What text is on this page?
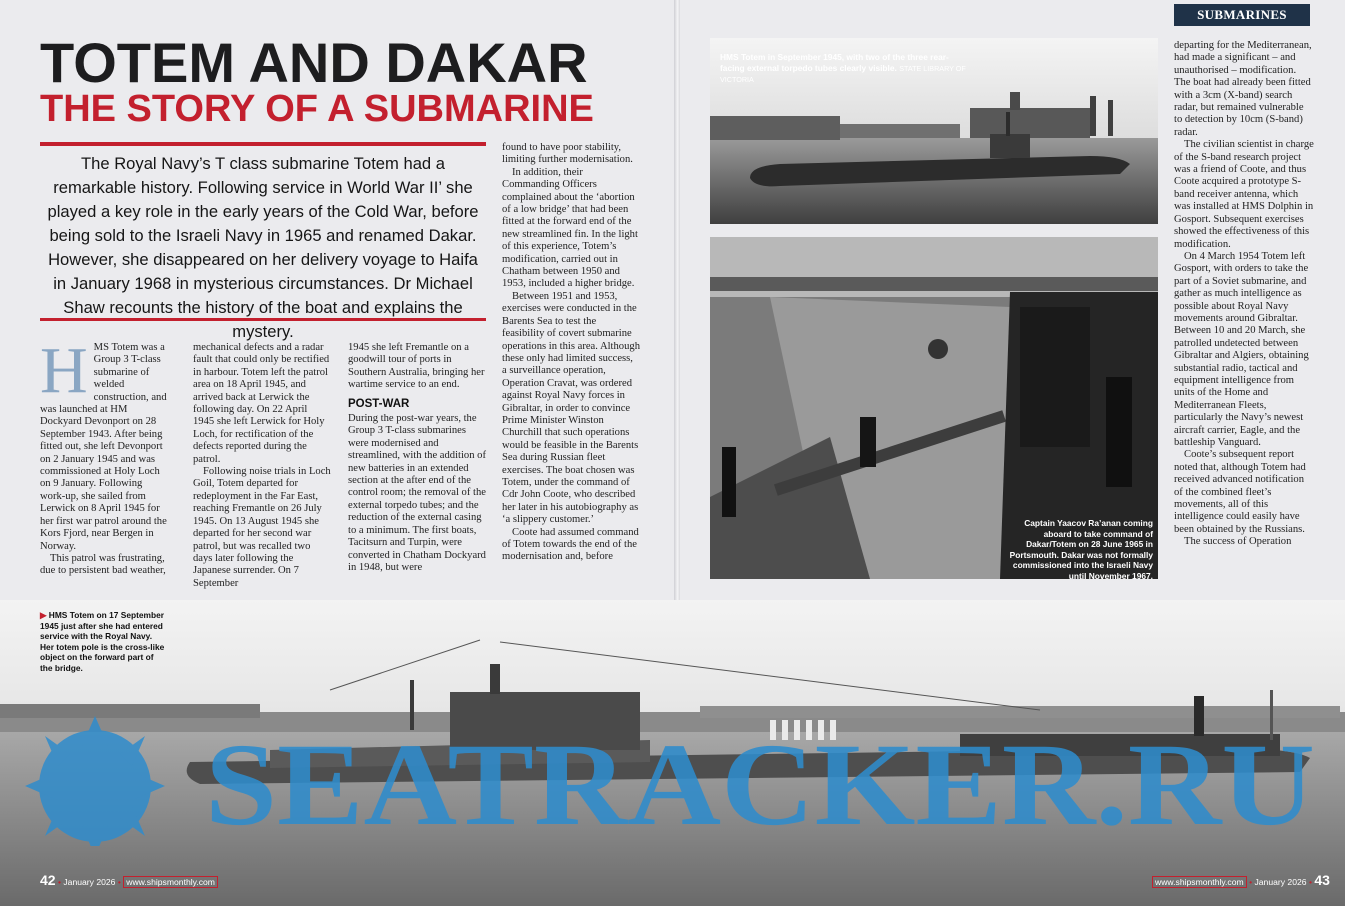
SUBMARINES
TOTEM AND DAKAR
THE STORY OF A SUBMARINE
The Royal Navy’s T class submarine Totem had a remarkable history. Following service in World War II’ she played a key role in the early years of the Cold War, before being sold to the Israeli Navy in 1965 and renamed Dakar. However, she disappeared on her delivery voyage to Haifa in January 1968 in mysterious circumstances. Dr Michael Shaw recounts the history of the boat and explains the mystery.
H MS Totem was a Group 3 T-class submarine of welded construction, and was launched at HM Dockyard Devonport on 28 September 1943. After being fitted out, she left Devonport on 2 January 1945 and was commissioned at Holy Loch on 9 January. Following work-up, she sailed from Lerwick on 8 April 1945 for her first war patrol around the Kors Fjord, near Bergen in Norway.

This patrol was frustrating, due to persistent bad weather,

mechanical defects and a radar fault that could only be rectified in harbour. Totem left the patrol area on 18 April 1945, and arrived back at Lerwick the following day. On 22 April 1945 she left Lerwick for Holy Loch, for rectification of the defects reported during the patrol.

Following noise trials in Loch Goil, Totem departed for redeployment in the Far East, reaching Fremantle on 26 July 1945. On 13 August 1945 she departed for her second war patrol, but was recalled two days later following the Japanese surrender. On 7 September

1945 she left Fremantle on a goodwill tour of ports in Southern Australia, bringing her wartime service to an end.

POST-WAR

During the post-war years, the Group 3 T-class submarines were modernised and streamlined, with the addition of new batteries in an extended section at the after end of the control room; the removal of the external torpedo tubes; and the reduction of the external casing to a minimum. The first boats, Tacitsurn and Turpin, were converted in Chatham Dockyard in 1948, but were

found to have poor stability, limiting further modernisation.

In addition, their Commanding Officers complained about the ‘abortion of a low bridge’ that had been fitted at the forward end of the new streamlined fin. In the light of this experience, Totem’s modification, carried out in Chatham between 1950 and 1953, included a higher bridge.

Between 1951 and 1953, exercises were conducted in the Barents Sea to test the feasibility of covert submarine operations in this area. Although these only had limited success, a surveillance operation, Operation Cravat, was ordered against Royal Navy forces in Gibraltar, in order to convince Prime Minister Winston Churchill that such operations would be feasible in the Barents Sea during Russian fleet exercises. The boat chosen was Totem, under the command of Cdr John Coote, who described her later in his autobiography as ‘a slippery customer.’

Coote had assumed command of Totem towards the end of the modernisation and, before

departing for the Mediterranean, had made a significant – and unauthorised – modification. The boat had already been fitted with a 3cm (X-band) search radar, but remained vulnerable to detection by 10cm (S-band) radar.

The civilian scientist in charge of the S-band research project was a friend of Coote, and thus Coote acquired a prototype S-band receiver antenna, which was installed at HMS Dolphin in Gosport. Subsequent exercises showed the effectiveness of this modification.

On 4 March 1954 Totem left Gosport, with orders to take the part of a Soviet submarine, and gather as much intelligence as possible about Royal Navy movements around Gibraltar. Between 10 and 20 March, she patrolled undetected between Gibraltar and Algiers, obtaining substantial radio, tactical and equipment intelligence from units of the Home and Mediterranean Fleets, particularly the Navy’s newest aircraft carrier, Eagle, and the battleship Vanguard.

Coote’s subsequent report noted that, although Totem had received advanced notification of the combined fleet’s movements, all of this intelligence could easily have been obtained by the Russians.

The success of Operation

HMS Totem in September 1945, with two of the three rear-facing external torpedo tubes clearly visible. STATE LIBRARY OF VICTORIA
Captain Yaacov Ra’anan coming aboard to take command of Dakar/Totem on 28 June 1965 in Portsmouth. Dakar was not formally commissioned into the Israeli Navy until November 1967.
▶ HMS Totem on 17 September 1945 just after she had entered service with the Royal Navy. Her totem pole is the cross-like object on the forward part of the bridge.
SEATRACKER.RU
42 • January 2026 • www.shipsmonthly.com	www.shipsmonthly.com • January 2026 • 43
